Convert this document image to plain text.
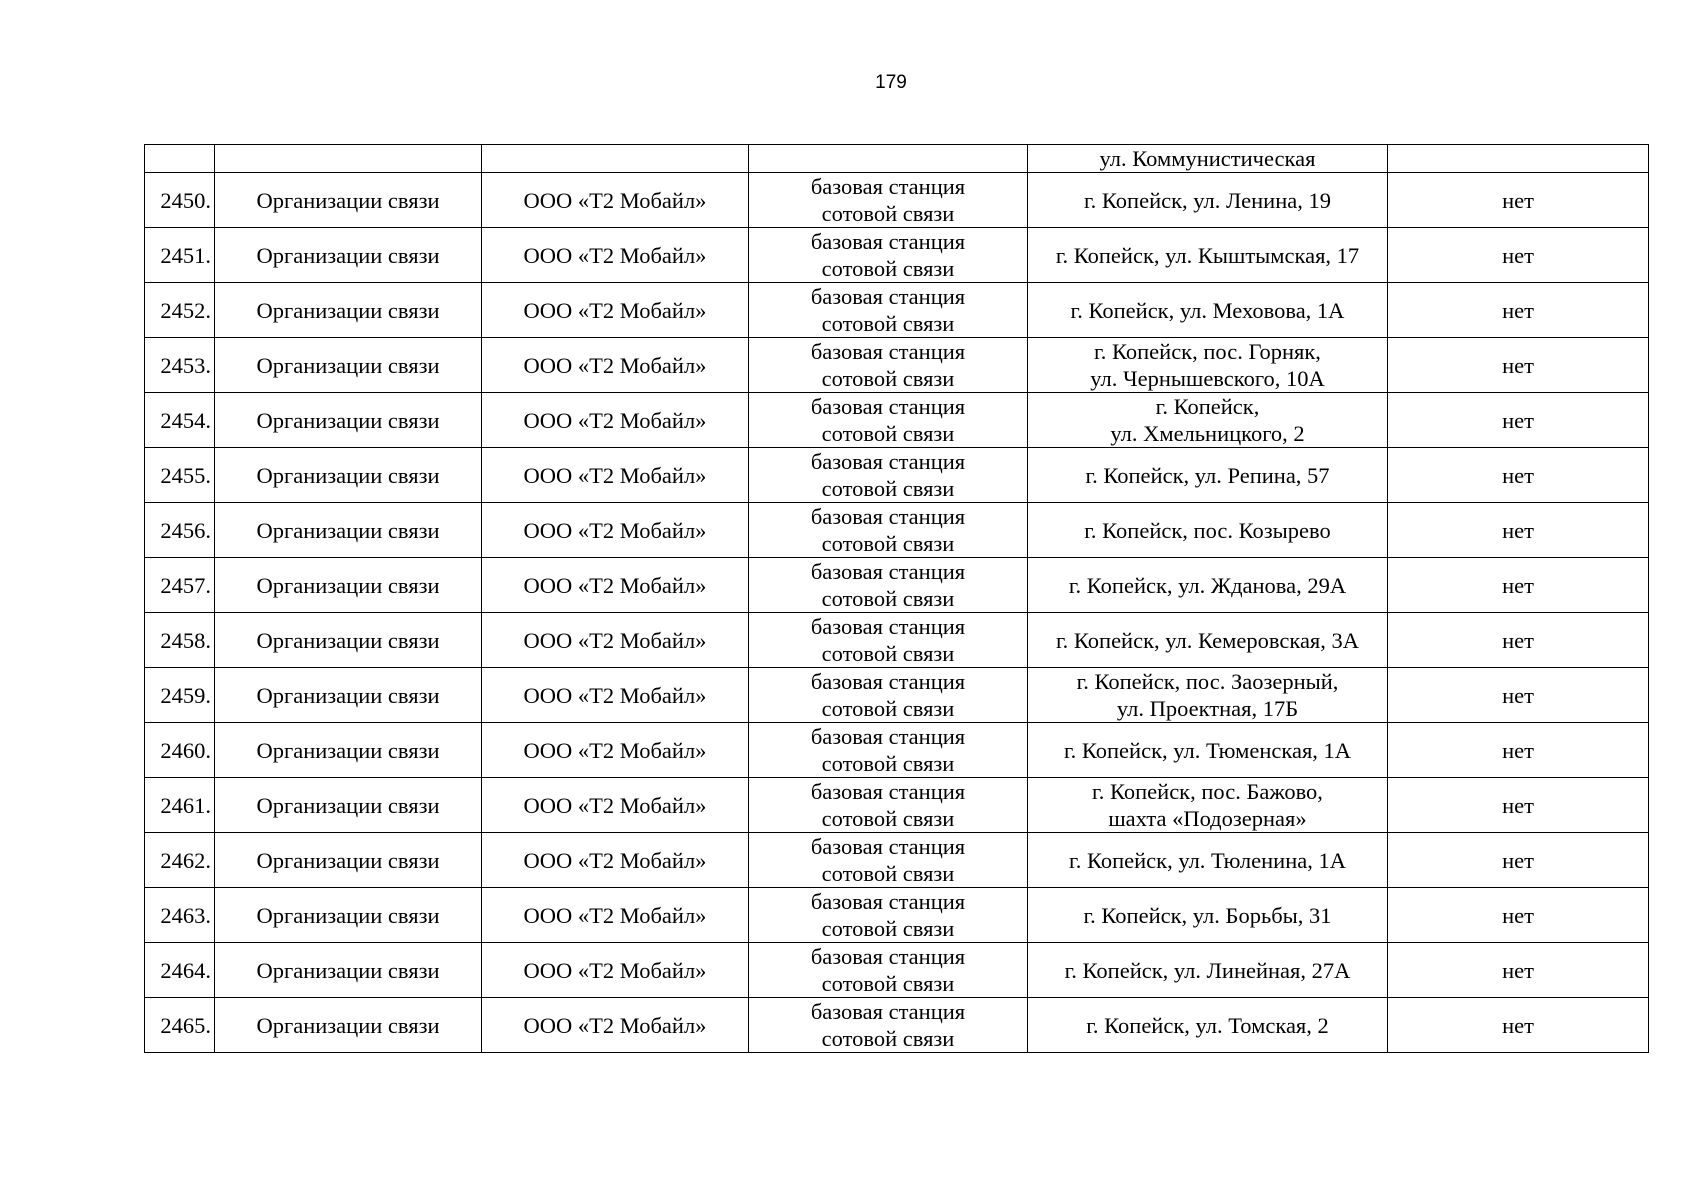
179
				ул. Коммунистическая	
2450.	Организации связи	ООО «Т2 Мобайл»	базовая станция
сотовой связи	г. Копейск, ул. Ленина, 19	нет
2451.	Организации связи	ООО «Т2 Мобайл»	базовая станция
сотовой связи	г. Копейск, ул. Кыштымская, 17	нет
2452.	Организации связи	ООО «Т2 Мобайл»	базовая станция
сотовой связи	г. Копейск, ул. Меховова, 1А	нет
2453.	Организации связи	ООО «Т2 Мобайл»	базовая станция
сотовой связи	г. Копейск, пос. Горняк,
ул. Чернышевского, 10А	нет
2454.	Организации связи	ООО «Т2 Мобайл»	базовая станция
сотовой связи	г. Копейск,
ул. Хмельницкого, 2	нет
2455.	Организации связи	ООО «Т2 Мобайл»	базовая станция
сотовой связи	г. Копейск, ул. Репина, 57	нет
2456.	Организации связи	ООО «Т2 Мобайл»	базовая станция
сотовой связи	г. Копейск, пос. Козырево	нет
2457.	Организации связи	ООО «Т2 Мобайл»	базовая станция
сотовой связи	г. Копейск, ул. Жданова, 29А	нет
2458.	Организации связи	ООО «Т2 Мобайл»	базовая станция
сотовой связи	г. Копейск, ул. Кемеровская, 3А	нет
2459.	Организации связи	ООО «Т2 Мобайл»	базовая станция
сотовой связи	г. Копейск, пос. Заозерный,
ул. Проектная, 17Б	нет
2460.	Организации связи	ООО «Т2 Мобайл»	базовая станция
сотовой связи	г. Копейск, ул. Тюменская, 1А	нет
2461.	Организации связи	ООО «Т2 Мобайл»	базовая станция
сотовой связи	г. Копейск, пос. Бажово,
шахта «Подозерная»	нет
2462.	Организации связи	ООО «Т2 Мобайл»	базовая станция
сотовой связи	г. Копейск, ул. Тюленина, 1А	нет
2463.	Организации связи	ООО «Т2 Мобайл»	базовая станция
сотовой связи	г. Копейск, ул. Борьбы, 31	нет
2464.	Организации связи	ООО «Т2 Мобайл»	базовая станция
сотовой связи	г. Копейск, ул. Линейная, 27А	нет
2465.	Организации связи	ООО «Т2 Мобайл»	базовая станция
сотовой связи	г. Копейск, ул. Томская, 2	нет
